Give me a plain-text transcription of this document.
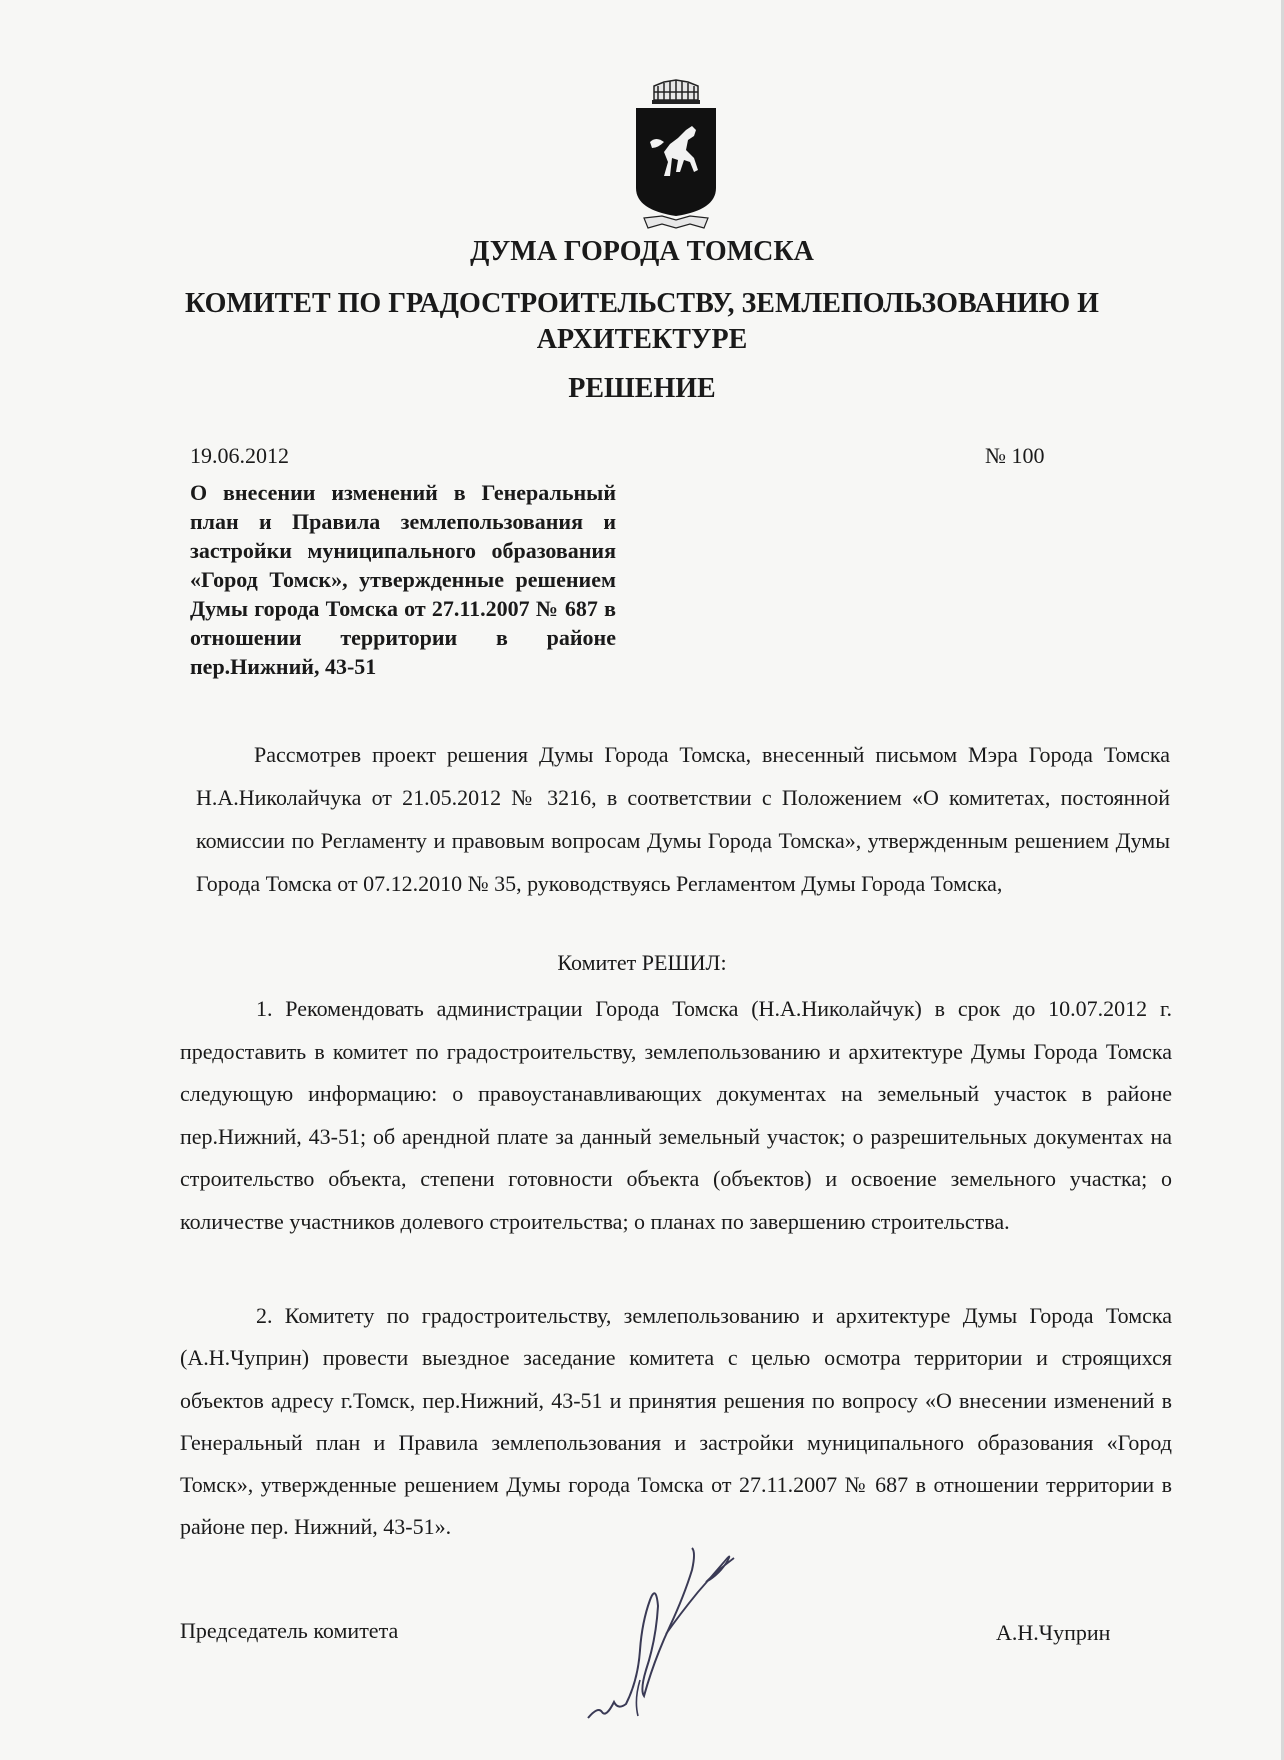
ДУМА ГОРОДА ТОМСКА
КОМИТЕТ ПО ГРАДОСТРОИТЕЛЬСТВУ, ЗЕМЛЕПОЛЬЗОВАНИЮ И АРХИТЕКТУРЕ
РЕШЕНИЕ
19.06.2012	№ 100
О внесении изменений в Генеральный план и Правила землепользования и застройки муниципального образования «Город Томск», утвержденные решением Думы города Томска от 27.11.2007 № 687 в отношении территории в районе пер.Нижний, 43-51
Рассмотрев проект решения Думы Города Томска, внесенный письмом Мэра Города Томска Н.А.Николайчука от 21.05.2012 № 3216, в соответствии с Положением «О комитетах, постоянной комиссии по Регламенту и правовым вопросам Думы Города Томска», утвержденным решением Думы Города Томска от 07.12.2010 № 35, руководствуясь Регламентом Думы Города Томска,
Комитет РЕШИЛ:
1. Рекомендовать администрации Города Томска (Н.А.Николайчук) в срок до 10.07.2012 г. предоставить в комитет по градостроительству, землепользованию и архитектуре Думы Города Томска следующую информацию: о правоустанавливающих документах на земельный участок в районе пер.Нижний, 43-51; об арендной плате за данный земельный участок; о разрешительных документах на строительство объекта, степени готовности объекта (объектов) и освоение земельного участка; о количестве участников долевого строительства; о планах по завершению строительства.
2. Комитету по градостроительству, землепользованию и архитектуре Думы Города Томска (А.Н.Чуприн) провести выездное заседание комитета с целью осмотра территории и строящихся объектов адресу г.Томск, пер.Нижний, 43-51 и принятия решения по вопросу «О внесении изменений в Генеральный план и Правила землепользования и застройки муниципального образования «Город Томск», утвержденные решением Думы города Томска от 27.11.2007 № 687 в отношении территории в районе пер. Нижний, 43-51».
Председатель комитета	А.Н.Чуприн
